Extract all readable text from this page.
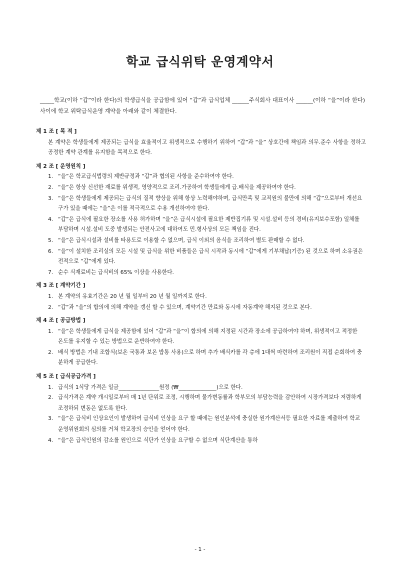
학교 급식위탁 운영계약서
_____학교(이하 “갑”이라 한다)의 학생급식을 공급함에 있어 “갑”과 급식업체 ______주식회사 대표이사 ______(이하 “을”이라 한다)사이에 학교 위탁급식운영 계약을 아래와 같이 체결한다.
제 1 조 [ 목 적 ]
본 계약은 학생들에게 제공되는 급식을 효율적이고 위생적으로 수행하기 위하여 “갑”과 “을” 상호간에 책임과 의무.준수 사항을 정하고 공정한 계약 관계를 유지함을 목적으로 한다.
제 2 조 [ 운영원칙 ]
1. “을”은 학교급식법령의 제반규정과 “갑”과 협의된 사항을 준수하여야 한다.
2. “을”은 항상 신선한 재료를 위생적, 영양적으로 조리.가공하여 학생들에게 급.배식을 제공하여야 한다.
3. “을”은 학생들에게 제공되는 급식의 질적 향상을 위해 항상 노력해야하며, 급식만족 및 교직원의 불만에 의해 “갑”으로부터 개선요구가 있을 때에는 “을”은 이를 적극적으로 수용 개선하여야 한다.
4. “갑”은 급식에 필요한 장소를 사용 허가하며 “을”은 급식시설에 필요한 제반집기류 및 시설.설비 등의 경비(유지보수포함) 일체를 부담하며 시설.설비 도중 발생되는 안전사고에 대하여도 민.형사상의 모든 책임을 진다.
5. “을”은 급식시설과 설비를 타용도로 이용할 수 없으며, 급식 이외의 음식을 조리하여 별도 판매할 수 없다.
6. “을”이 설치한 조리실의 모든 시설 및 급식을 위한 비품들은 급식 시작과 동시에 “갑”에게 기부채납(기증) 된 것으로 하며 소유권은 전적으로 “갑”에게 있다.
7. 순수 식재료비는 급식비의 65% 이상을 사용한다.
제 3 조 [ 계약기간 ]
1. 본 계약의 유효기간은 20 년 월 일부터 20 년 월 일까지로 한다.
2. “갑”과 “을”의 합의에 의해 계약을 갱신 할 수 있으며, 계약기간 만료와 동시에 자동계약 해지된 것으로 본다.
제 4 조 [ 공급방법 ]
1. “을”은 학생들에게 급식을 제공함에 있어 “갑”과 “을”이 합의에 의해 지정된 시간과 장소에 공급하여야 하며, 위생적이고 적정한 온도를 유지할 수 있는 방법으로 운반하여야 한다.
2. 배식 방법은 기내 조합식(보온 국통과 보온 밥통 사용)으로 하며 추가 배식카를 각 층에 1대씩 마련하여 조리원이 직접 순회하여 충분하게 공급한다.
제 5 조 [ 급식공급가격 ]
1. 급식의 1식당 가격은 일금_______________원정 (₩______________)으로 한다.
2. 급식가격은 계약 개시일로부터 매 1년 단위로 조정, 시행하며 물가변동률과 학부모의 부담능력을 감안하여 시장가격보다 저렴하게 조정하되 변동은 없도록 한다.
3. “을”은 급식비 인상요인이 발생하여 급식비 인상을 요구 할 때에는 원인분석에 충실한 원가계산서등 필요한 자료를 제출하여 학교운영위원회의 심의를 거쳐 학교장의 승인을 얻어야 한다.
4. “을”은 급식인원의 감소를 원인으로 식단가 인상을 요구할 수 없으며 식단계산을 통하
- 1 -
